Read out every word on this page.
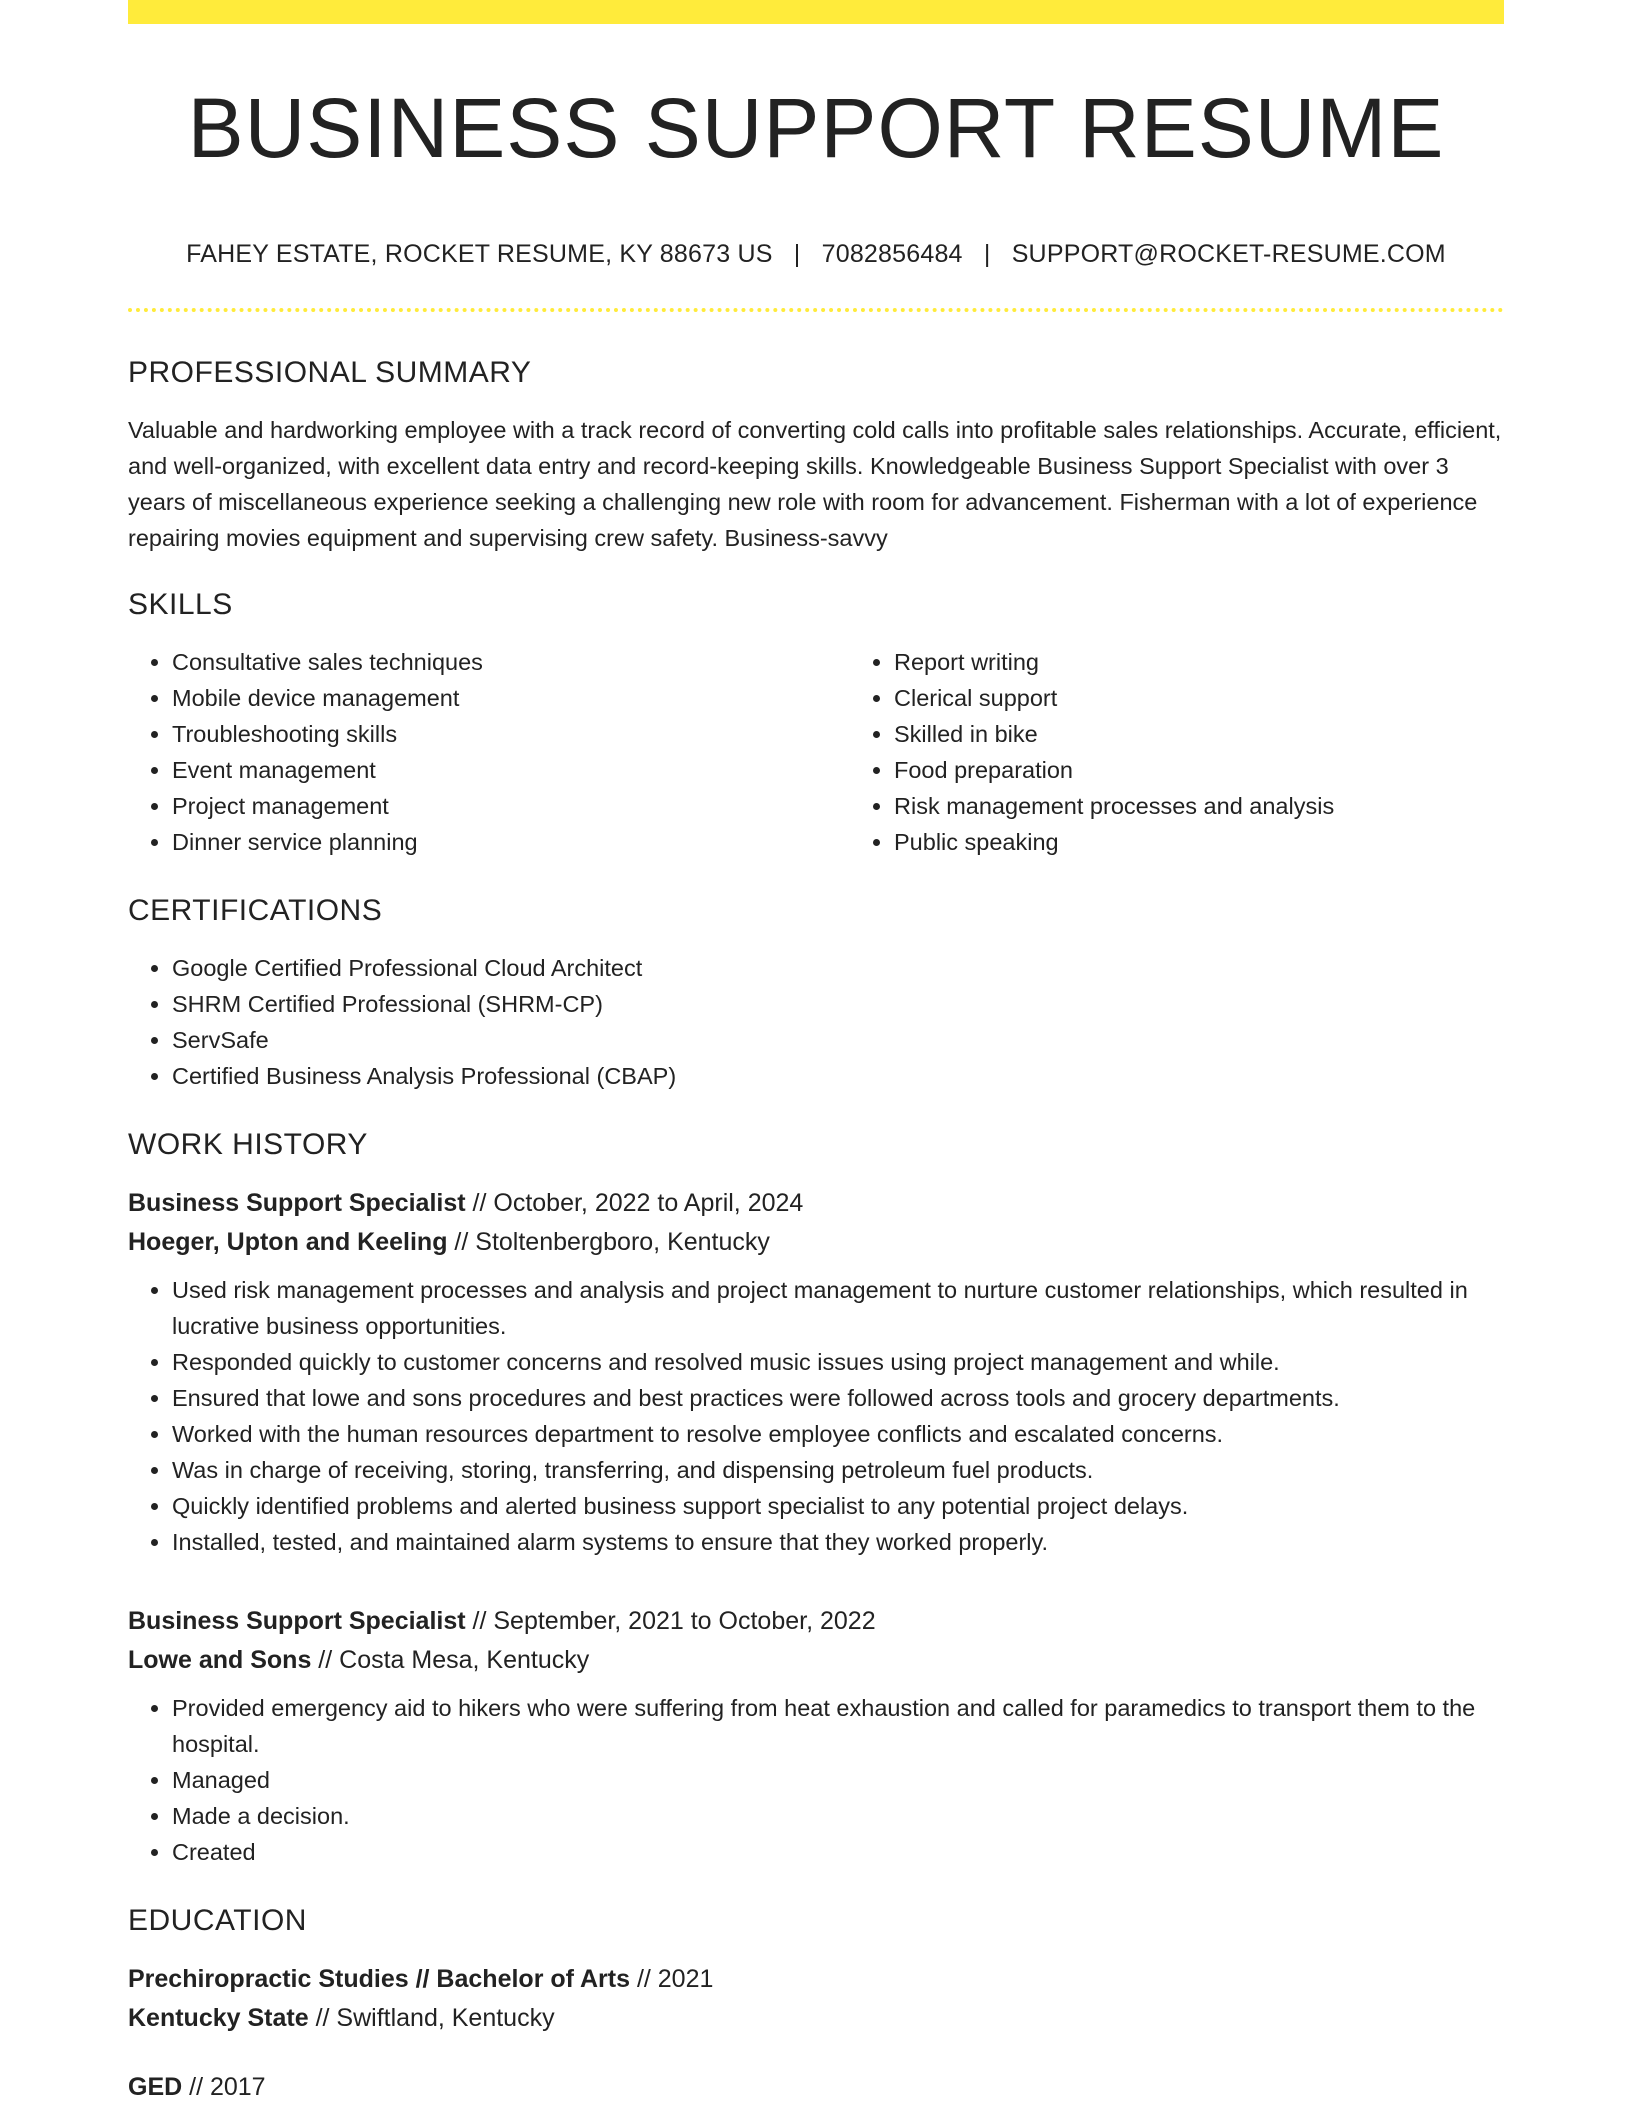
BUSINESS SUPPORT RESUME
FAHEY ESTATE, ROCKET RESUME, KY 88673 US | 7082856484 | SUPPORT@ROCKET-RESUME.COM
PROFESSIONAL SUMMARY
Valuable and hardworking employee with a track record of converting cold calls into profitable sales relationships. Accurate, efficient, and well-organized, with excellent data entry and record-keeping skills. Knowledgeable Business Support Specialist with over 3 years of miscellaneous experience seeking a challenging new role with room for advancement. Fisherman with a lot of experience repairing movies equipment and supervising crew safety. Business-savvy
SKILLS
• Consultative sales techniques
• Mobile device management
• Troubleshooting skills
• Event management
• Project management
• Dinner service planning
• Report writing
• Clerical support
• Skilled in bike
• Food preparation
• Risk management processes and analysis
• Public speaking
CERTIFICATIONS
• Google Certified Professional Cloud Architect
• SHRM Certified Professional (SHRM-CP)
• ServSafe
• Certified Business Analysis Professional (CBAP)
WORK HISTORY
Business Support Specialist // October, 2022 to April, 2024
Hoeger, Upton and Keeling // Stoltenbergboro, Kentucky
• Used risk management processes and analysis and project management to nurture customer relationships, which resulted in lucrative business opportunities.
• Responded quickly to customer concerns and resolved music issues using project management and while.
• Ensured that lowe and sons procedures and best practices were followed across tools and grocery departments.
• Worked with the human resources department to resolve employee conflicts and escalated concerns.
• Was in charge of receiving, storing, transferring, and dispensing petroleum fuel products.
• Quickly identified problems and alerted business support specialist to any potential project delays.
• Installed, tested, and maintained alarm systems to ensure that they worked properly.
Business Support Specialist // September, 2021 to October, 2022
Lowe and Sons // Costa Mesa, Kentucky
• Provided emergency aid to hikers who were suffering from heat exhaustion and called for paramedics to transport them to the hospital.
• Managed
• Made a decision.
• Created
EDUCATION
Prechiropractic Studies // Bachelor of Arts // 2021
Kentucky State // Swiftland, Kentucky
GED // 2017
